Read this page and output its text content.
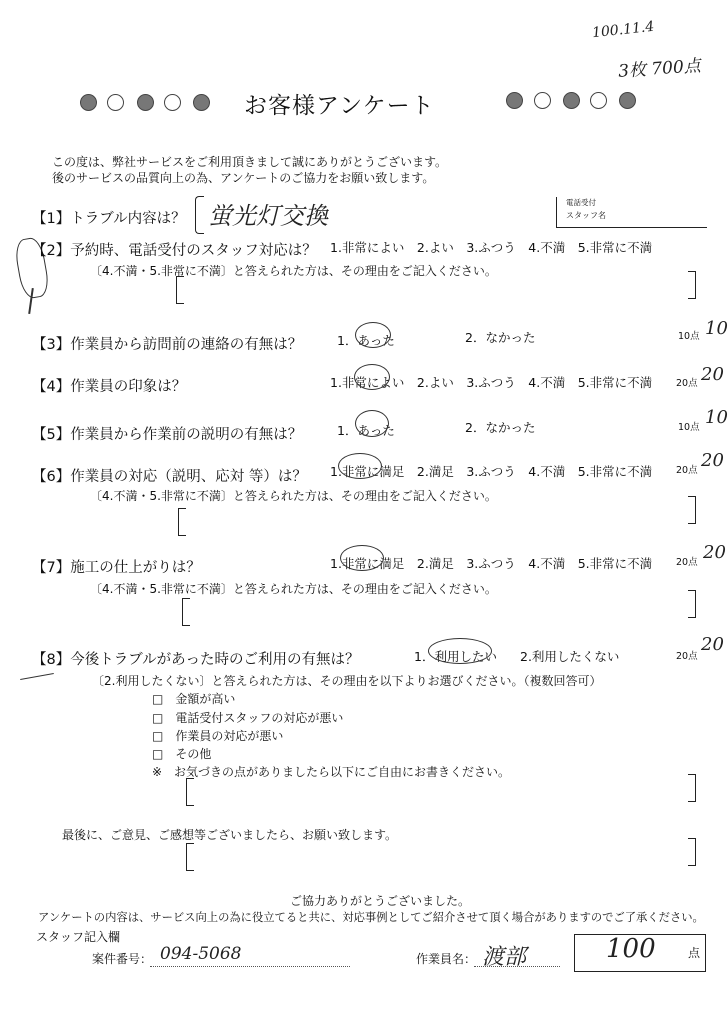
100.11.4
3枚 700点
お客様アンケート
この度は、弊社サービスをご利用頂きまして誠にありがとうございます。
後のサービスの品質向上の為、アンケートのご協力をお願い致します。
電話受付
スタッフ名
【1】トラブル内容は？ 蛍光灯交換
【2】予約時、電話受付のスタッフ対応は？ 1.非常によい　2.よい　3.ふつう　4.不満　5.非常に不満
〔4.不満・5.非常に不満〕と答えられた方は、その理由をご記入ください。
【3】作業員から訪問前の連絡の有無は？	1．あった	2．なかった	10点 10
【4】作業員の印象は？	1.非常によい　2.よい　3.ふつう　4.不満　5.非常に不満	20点 20
【5】作業員から作業前の説明の有無は？	1．あった	2．なかった	10点 10
【6】作業員の対応（説明、応対 等）は？ 1.非常に満足　2.満足　3.ふつう　4.不満　5.非常に不満	20点 20
〔4.不満・5.非常に不満〕と答えられた方は、その理由をご記入ください。
【7】施工の仕上がりは？	1.非常に満足　2.満足　3.ふつう　4.不満　5.非常に不満	20点 20
〔4.不満・5.非常に不満〕と答えられた方は、その理由をご記入ください。
【8】今後トラブルがあった時のご利用の有無は？	1．利用したい 2.利用したくない	20点
20
〔2.利用したくない〕と答えられた方は、その理由を以下よりお選びください。（複数回答可）
□　金額が高い
□　電話受付スタッフの対応が悪い
□　作業員の対応が悪い
□　その他
※　お気づきの点がありましたら以下にご自由にお書きください。
最後に、ご意見、ご感想等ございましたら、お願い致します。
ご協力ありがとうございました。
アンケートの内容は、サービス向上の為に役立てると共に、対応事例としてご紹介させて頂く場合がありますのでご了承ください。
スタッフ記入欄
案件番号： 094-5068	作業員名： 渡部	100	点
